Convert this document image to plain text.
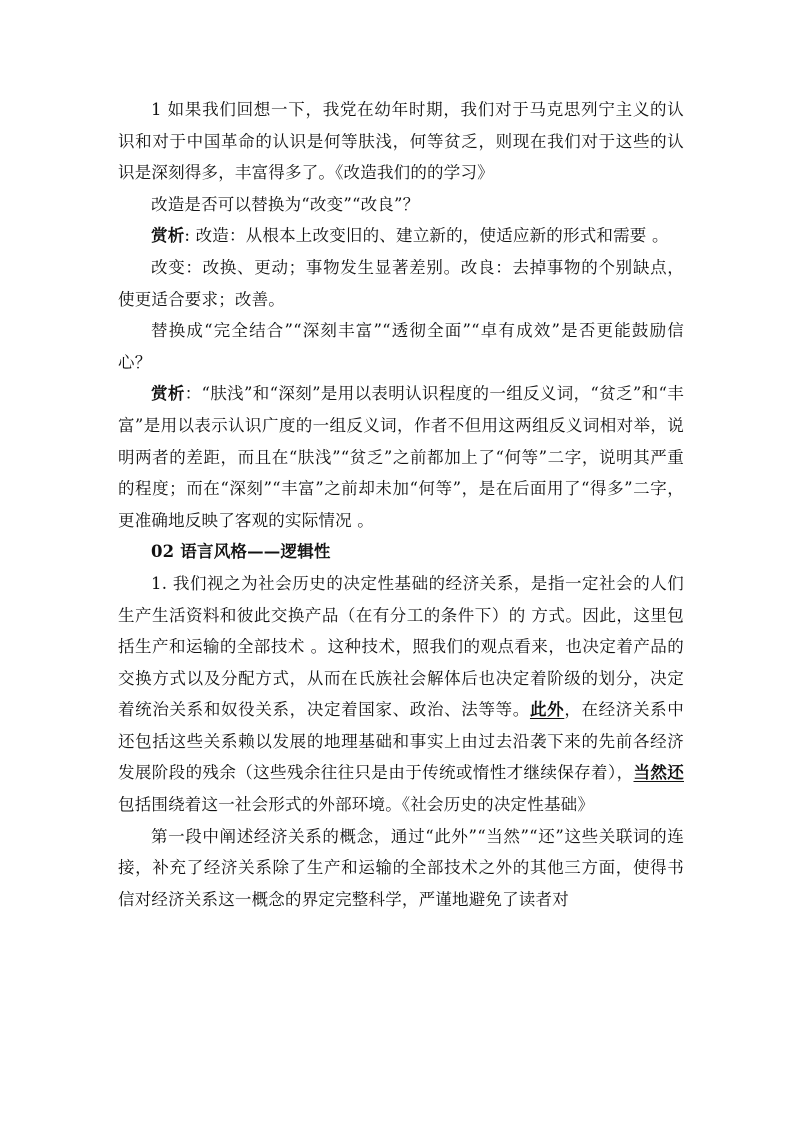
1 如果我们回想一下，我党在幼年时期，我们对于马克思列宁主义的认识和对于中国革命的认识是何等肤浅，何等贫乏，则现在我们对于这些的认识是深刻得多，丰富得多了。《改造我们的的学习》

改造是否可以替换为“改变”“改良”？

赏析: 改造：从根本上改变旧的、建立新的，使适应新的形式和需要 。

改变：改换、更动；事物发生显著差别。改良：去掉事物的个别缺点，使更适合要求；改善。

替换成“完全结合”“深刻丰富”“透彻全面”“卓有成效”是否更能鼓励信心？

赏析：“肤浅”和“深刻”是用以表明认识程度的一组反义词，“贫乏”和“丰富”是用以表示认识广度的一组反义词，作者不但用这两组反义词相对举，说明两者的差距，而且在“肤浅”“贫乏”之前都加上了“何等”二字，说明其严重的程度；而在“深刻”“丰富”之前却未加“何等”，是在后面用了“得多”二字，更准确地反映了客观的实际情况 。

02 语言风格——逻辑性

1. 我们视之为社会历史的决定性基础的经济关系，是指一定社会的人们生产生活资料和彼此交换产品（在有分工的条件下）的 方式。因此，这里包括生产和运输的全部技术 。这种技术，照我们的观点看来，也决定着产品的交换方式以及分配方式，从而在氏族社会解体后也决定着阶级的划分，决定着统治关系和奴役关系，决定着国家、政治、法等等。此外，在经济关系中还包括这些关系赖以发展的地理基础和事实上由过去沿袭下来的先前各经济发展阶段的残余（这些残余往往只是由于传统或惰性才继续保存着），当然还包括围绕着这一社会形式的外部环境。《社会历史的决定性基础》

第一段中阐述经济关系的概念，通过“此外”“当然”“还”这些关联词的连接，补充了经济关系除了生产和运输的全部技术之外的其他三方面，使得书信对经济关系这一概念的界定完整科学，严谨地避免了读者对
